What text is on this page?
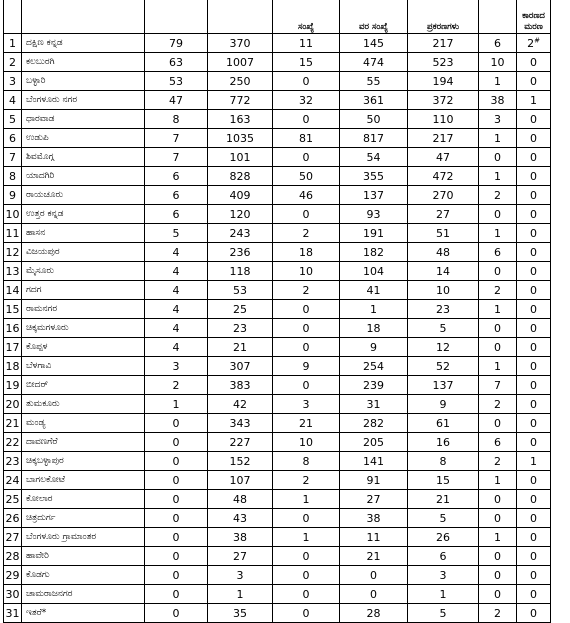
				ಸಂಖ್ಯೆ	ವರ ಸಂಖ್ಯೆ	ಪ್ರಕರಣಗಳು		ಕಾರಣದ ಮರಣ
1	ದಕ್ಷಿಣ ಕನ್ನಡ	79	370	11	145	217	6	2#
2	ಕಲಬುರಗಿ	63	1007	15	474	523	10	0
3	ಬಳ್ಳಾರಿ	53	250	0	55	194	1	0
4	ಬೆಂಗಳೂರು ನಗರ	47	772	32	361	372	38	1
5	ಧಾರವಾಡ	8	163	0	50	110	3	0
6	ಉಡುಪಿ	7	1035	81	817	217	1	0
7	ಶಿವಮೊಗ್ಗ	7	101	0	54	47	0	0
8	ಯಾದಗಿರಿ	6	828	50	355	472	1	0
9	ರಾಯಚೂರು	6	409	46	137	270	2	0
10	ಉತ್ತರ ಕನ್ನಡ	6	120	0	93	27	0	0
11	ಹಾಸನ	5	243	2	191	51	1	0
12	ವಿಜಯಪುರ	4	236	18	182	48	6	0
13	ಮೈಸೂರು	4	118	10	104	14	0	0
14	ಗದಗ	4	53	2	41	10	2	0
15	ರಾಮನಗರ	4	25	0	1	23	1	0
16	ಚಿಕ್ಕಮಗಳೂರು	4	23	0	18	5	0	0
17	ಕೊಪ್ಪಳ	4	21	0	9	12	0	0
18	ಬೆಳಗಾವಿ	3	307	9	254	52	1	0
19	ಬೀದರ್	2	383	0	239	137	7	0
20	ತುಮಕೂರು	1	42	3	31	9	2	0
21	ಮಂಡ್ಯ	0	343	21	282	61	0	0
22	ದಾವಣಗೆರೆ	0	227	10	205	16	6	0
23	ಚಿಕ್ಕಬಳ್ಳಾಪುರ	0	152	8	141	8	2	1
24	ಬಾಗಲಕೋಟೆ	0	107	2	91	15	1	0
25	ಕೋಲಾರ	0	48	1	27	21	0	0
26	ಚಿತ್ರದುರ್ಗ	0	43	0	38	5	0	0
27	ಬೆಂಗಳೂರು ಗ್ರಾಮಾಂತರ	0	38	1	11	26	1	0
28	ಹಾವೇರಿ	0	27	0	21	6	0	0
29	ಕೊಡಗು	0	3	0	0	3	0	0
30	ಚಾಮರಾಜನಗರ	0	1	0	0	1	0	0
31	ಇತರೆ*	0	35	0	28	5	2	0
